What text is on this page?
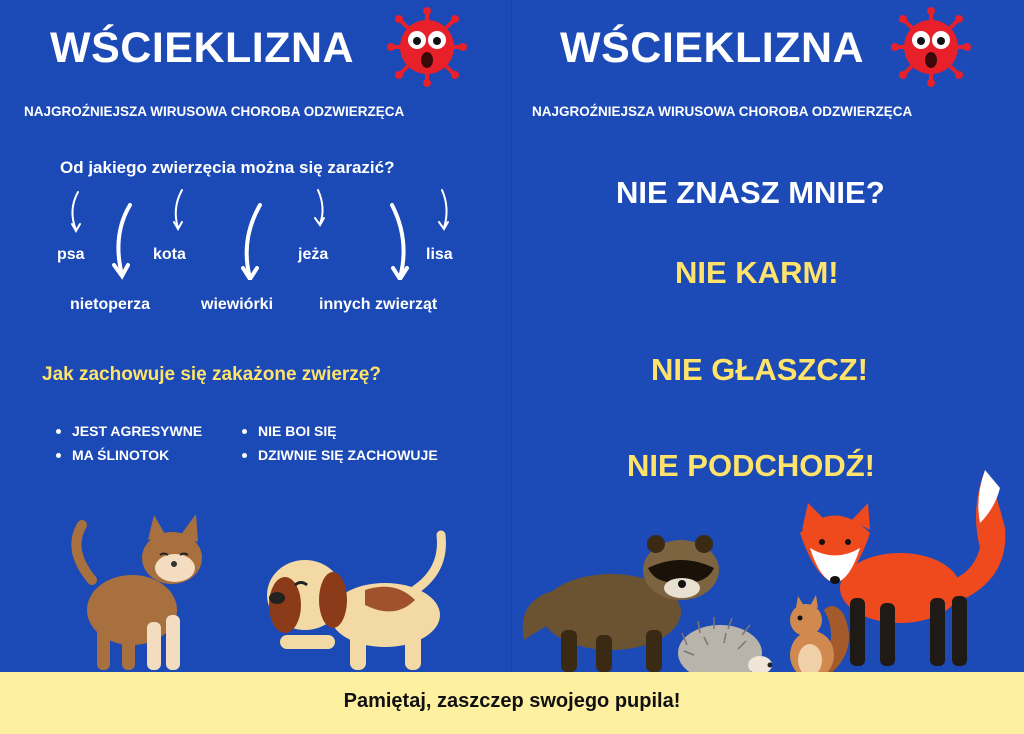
WŚCIEKLIZNA
NAJGROŹNIEJSZA WIRUSOWA CHOROBA ODZWIERZĘCA
Od jakiego zwierzęcia można się zarazić?
psa	kota	jeża	lisa
nietoperza	wiewiórki	innych zwierząt
Jak zachowuje się zakażone zwierzę?
JEST AGRESYWNE
MA ŚLINOTOK
NIE BOI SIĘ
DZIWNIE SIĘ ZACHOWUJE
WŚCIEKLIZNA
NAJGROŹNIEJSZA WIRUSOWA CHOROBA ODZWIERZĘCA
NIE ZNASZ MNIE?
NIE KARM!
NIE GŁASZCZ!
NIE PODCHODŹ!
Pamiętaj, zaszczep swojego pupila!
